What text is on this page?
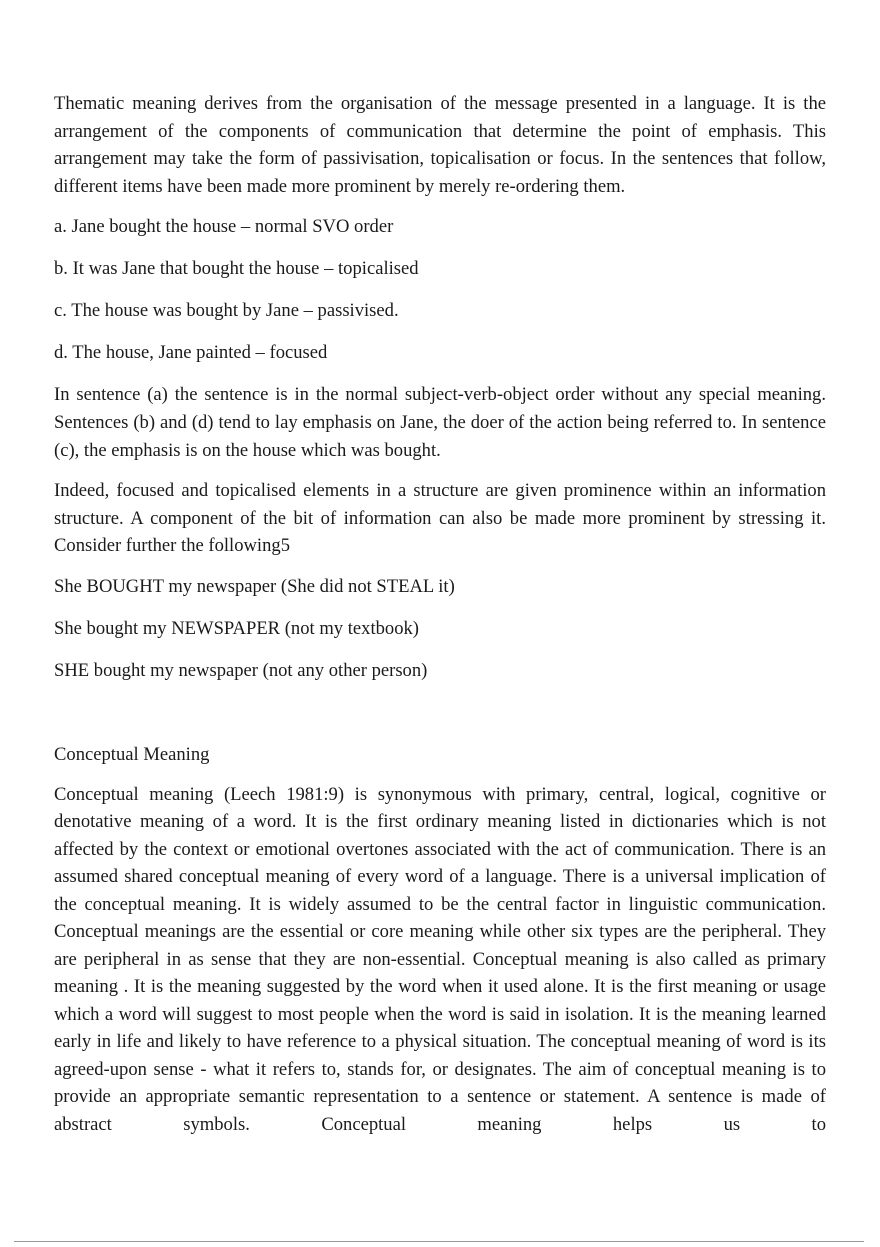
Thematic meaning derives from the organisation of the message presented in a language. It is the arrangement of the components of communication that determine the point of emphasis. This arrangement may take the form of passivisation, topicalisation or focus. In the sentences that follow, different items have been made more prominent by merely re-ordering them.

a. Jane bought the house – normal SVO order

b. It was Jane that bought the house – topicalised

c. The house was bought by Jane – passivised.

d. The house, Jane painted – focused

In sentence (a) the sentence is in the normal subject-verb-object order without any special meaning. Sentences (b) and (d) tend to lay emphasis on Jane, the doer of the action being referred to. In sentence (c), the emphasis is on the house which was bought.

Indeed, focused and topicalised elements in a structure are given prominence within an information structure. A component of the bit of information can also be made more prominent by stressing it. Consider further the following5

She BOUGHT my newspaper (She did not STEAL it)

She bought my NEWSPAPER (not my textbook)

SHE bought my newspaper (not any other person)

Conceptual Meaning

Conceptual meaning (Leech 1981:9) is synonymous with primary, central, logical, cognitive or denotative meaning of a word. It is the first ordinary meaning listed in dictionaries which is not affected by the context or emotional overtones associated with the act of communication. There is an assumed shared conceptual meaning of every word of a language. There is a universal implication of the conceptual meaning. It is widely assumed to be the central factor in linguistic communication. Conceptual meanings are the essential or core meaning while other six types are the peripheral. They are peripheral in as sense that they are non-essential. Conceptual meaning is also called as primary meaning . It is the meaning suggested by the word when it used alone. It is the first meaning or usage which a word will suggest to most people when the word is said in isolation. It is the meaning learned early in life and likely to have reference to a physical situation. The conceptual meaning of word is its agreed-upon sense - what it refers to, stands for, or designates. The aim of conceptual meaning is to provide an appropriate semantic representation to a sentence or statement. A sentence is made of abstract symbols. Conceptual meaning helps us to
